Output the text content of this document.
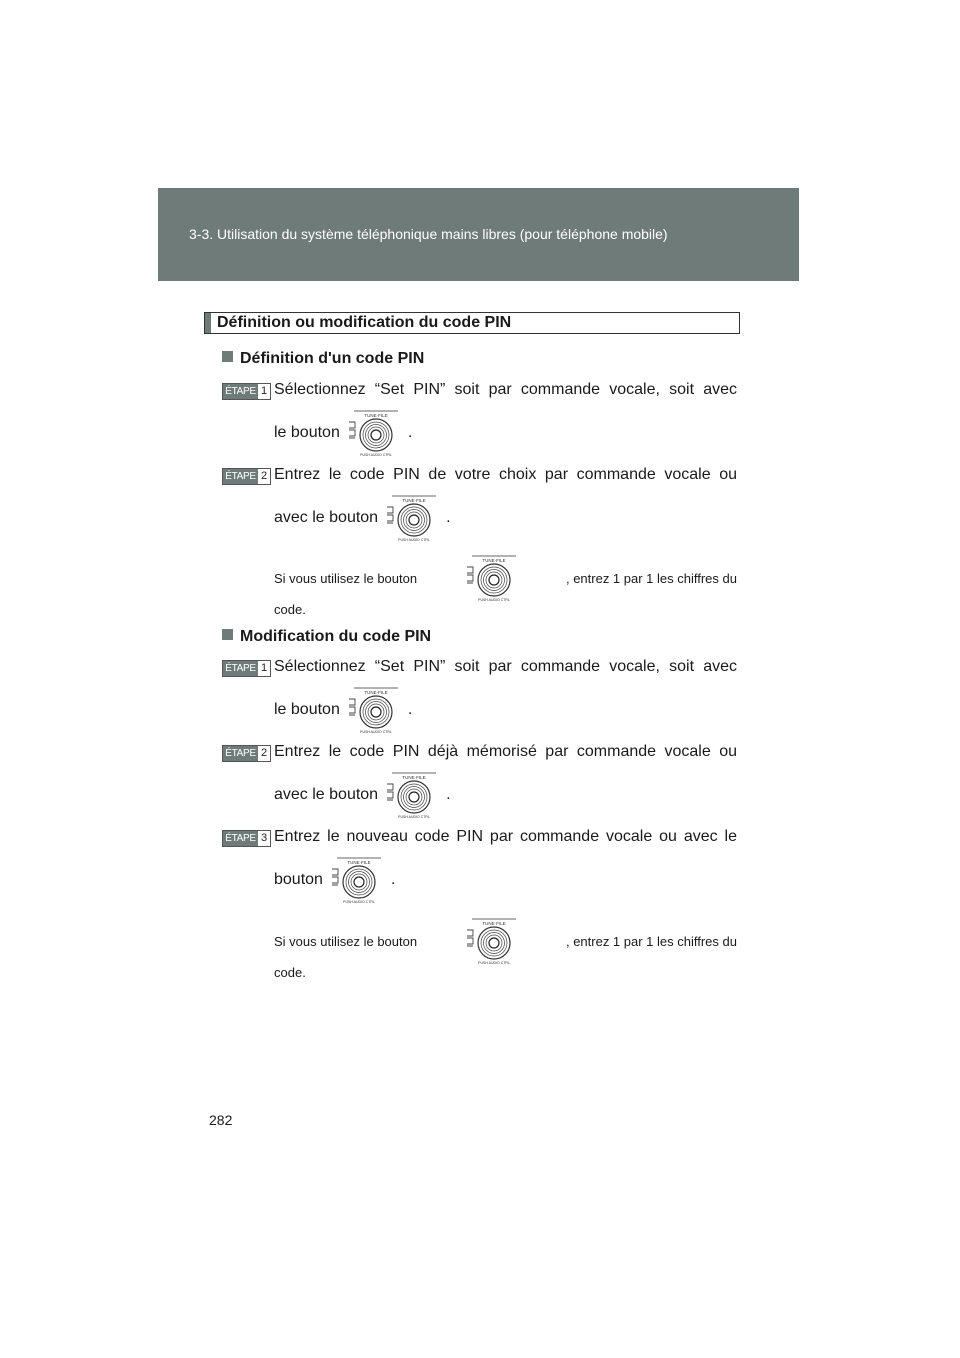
3-3. Utilisation du système téléphonique mains libres (pour téléphone mobile)
Définition ou modification du code PIN
Définition d'un code PIN
ÉTAPE 1 Sélectionnez “Set PIN” soit par commande vocale, soit avec
le bouton	.
ÉTAPE 2 Entrez le code PIN de votre choix par commande vocale ou
avec le bouton	.
Si vous utilisez le bouton	, entrez 1 par 1 les chiffres du
code.
Modification du code PIN
ÉTAPE 1 Sélectionnez “Set PIN” soit par commande vocale, soit avec
le bouton	.
ÉTAPE 2 Entrez le code PIN déjà mémorisé par commande vocale ou
avec le bouton	.
ÉTAPE 3 Entrez le nouveau code PIN par commande vocale ou avec le
bouton	.
Si vous utilisez le bouton	, entrez 1 par 1 les chiffres du
code.
282
